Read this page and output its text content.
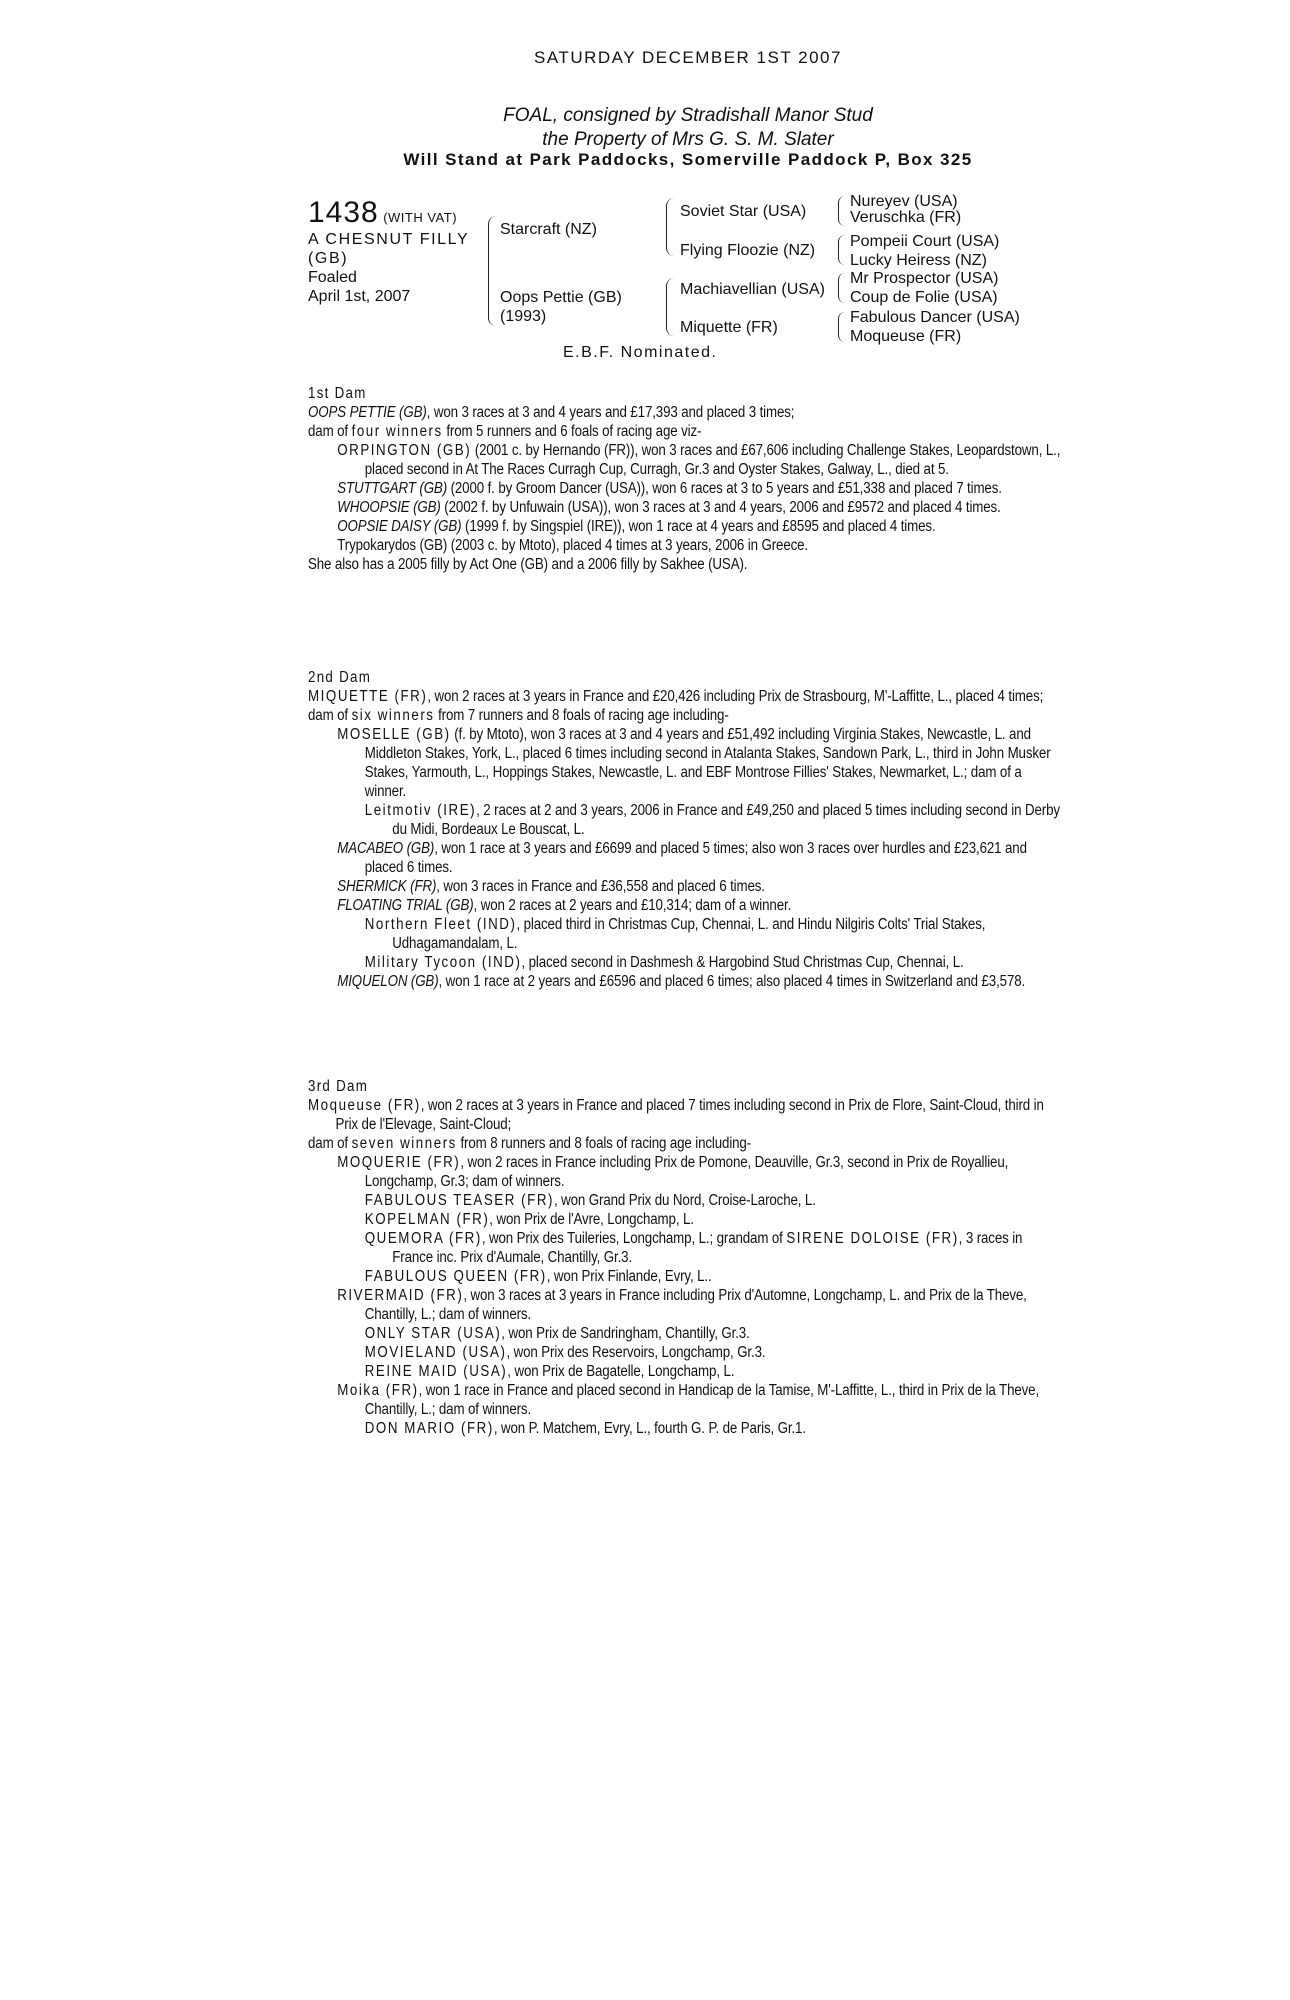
SATURDAY DECEMBER 1ST 2007
FOAL, consigned by Stradishall Manor Stud
the Property of Mrs G. S. M. Slater
Will Stand at Park Paddocks, Somerville Paddock P, Box 325
1438 (WITH VAT)
A CHESNUT FILLY
(GB)
Foaled
April 1st, 2007
Starcraft (NZ)
Oops Pettie (GB)
(1993)
Soviet Star (USA)
Flying Floozie (NZ)
Machiavellian (USA)
Miquette (FR)
Nureyev (USA)
Veruschka (FR)
Pompeii Court (USA)
Lucky Heiress (NZ)
Mr Prospector (USA)
Coup de Folie (USA)
Fabulous Dancer (USA)
Moqueuse (FR)
E.B.F. Nominated.

1st Dam

OOPS PETTIE (GB), won 3 races at 3 and 4 years and £17,393 and placed 3 times;

dam of four winners from 5 runners and 6 foals of racing age viz-

ORPINGTON (GB) (2001 c. by Hernando (FR)), won 3 races and £67,606 including Challenge Stakes, Leopardstown, L., placed second in At The Races Curragh Cup, Curragh, Gr.3 and Oyster Stakes, Galway, L., died at 5.

STUTTGART (GB) (2000 f. by Groom Dancer (USA)), won 6 races at 3 to 5 years and £51,338 and placed 7 times.

WHOOPSIE (GB) (2002 f. by Unfuwain (USA)), won 3 races at 3 and 4 years, 2006 and £9572 and placed 4 times.

OOPSIE DAISY (GB) (1999 f. by Singspiel (IRE)), won 1 race at 4 years and £8595 and placed 4 times.

Trypokarydos (GB) (2003 c. by Mtoto), placed 4 times at 3 years, 2006 in Greece.

She also has a 2005 filly by Act One (GB) and a 2006 filly by Sakhee (USA).

2nd Dam

MIQUETTE (FR), won 2 races at 3 years in France and £20,426 including Prix de Strasbourg, M'-Laffitte, L., placed 4 times;

dam of six winners from 7 runners and 8 foals of racing age including-

MOSELLE (GB) (f. by Mtoto), won 3 races at 3 and 4 years and £51,492 including Virginia Stakes, Newcastle, L. and Middleton Stakes, York, L., placed 6 times including second in Atalanta Stakes, Sandown Park, L., third in John Musker Stakes, Yarmouth, L., Hoppings Stakes, Newcastle, L. and EBF Montrose Fillies' Stakes, Newmarket, L.; dam of a winner.

Leitmotiv (IRE), 2 races at 2 and 3 years, 2006 in France and £49,250 and placed 5 times including second in Derby du Midi, Bordeaux Le Bouscat, L.

MACABEO (GB), won 1 race at 3 years and £6699 and placed 5 times; also won 3 races over hurdles and £23,621 and placed 6 times.

SHERMICK (FR), won 3 races in France and £36,558 and placed 6 times.

FLOATING TRIAL (GB), won 2 races at 2 years and £10,314; dam of a winner.

Northern Fleet (IND), placed third in Christmas Cup, Chennai, L. and Hindu Nilgiris Colts' Trial Stakes, Udhagamandalam, L.

Military Tycoon (IND), placed second in Dashmesh & Hargobind Stud Christmas Cup, Chennai, L.

MIQUELON (GB), won 1 race at 2 years and £6596 and placed 6 times; also placed 4 times in Switzerland and £3,578.

3rd Dam

Moqueuse (FR), won 2 races at 3 years in France and placed 7 times including second in Prix de Flore, Saint-Cloud, third in Prix de l'Elevage, Saint-Cloud;

dam of seven winners from 8 runners and 8 foals of racing age including-

MOQUERIE (FR), won 2 races in France including Prix de Pomone, Deauville, Gr.3, second in Prix de Royallieu, Longchamp, Gr.3; dam of winners.

FABULOUS TEASER (FR), won Grand Prix du Nord, Croise-Laroche, L.

KOPELMAN (FR), won Prix de l'Avre, Longchamp, L.

QUEMORA (FR), won Prix des Tuileries, Longchamp, L.; grandam of SIRENE DOLOISE (FR), 3 races in France inc. Prix d'Aumale, Chantilly, Gr.3.

FABULOUS QUEEN (FR), won Prix Finlande, Evry, L..

RIVERMAID (FR), won 3 races at 3 years in France including Prix d'Automne, Longchamp, L. and Prix de la Theve, Chantilly, L.; dam of winners.

ONLY STAR (USA), won Prix de Sandringham, Chantilly, Gr.3.

MOVIELAND (USA), won Prix des Reservoirs, Longchamp, Gr.3.

REINE MAID (USA), won Prix de Bagatelle, Longchamp, L.

Moika (FR), won 1 race in France and placed second in Handicap de la Tamise, M'-Laffitte, L., third in Prix de la Theve, Chantilly, L.; dam of winners.

DON MARIO (FR), won P. Matchem, Evry, L., fourth G. P. de Paris, Gr.1.
